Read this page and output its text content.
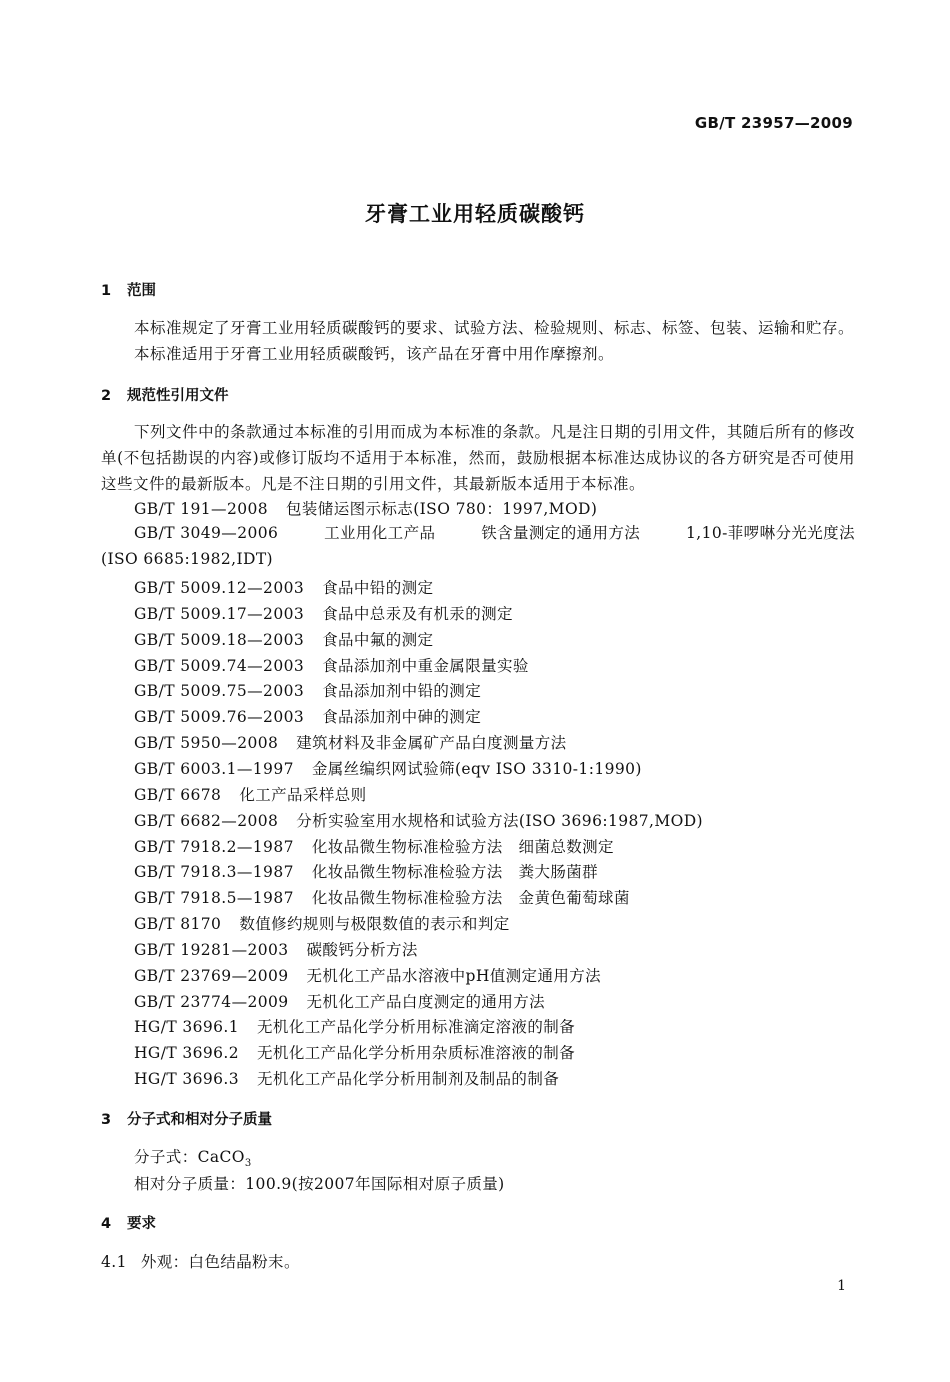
GB/T 23957—2009
牙膏工业用轻质碳酸钙
1 范围
本标准规定了牙膏工业用轻质碳酸钙的要求、试验方法、检验规则、标志、标签、包装、运输和贮存。
本标准适用于牙膏工业用轻质碳酸钙，该产品在牙膏中用作摩擦剂。
2 规范性引用文件
下列文件中的条款通过本标准的引用而成为本标准的条款。凡是注日期的引用文件，其随后所有的修改单(不包括勘误的内容)或修订版均不适用于本标准，然而，鼓励根据本标准达成协议的各方研究是否可使用这些文件的最新版本。凡是不注日期的引用文件，其最新版本适用于本标准。
GB/T 191—2008 包装储运图示标志(ISO 780：1997,MOD)
GB/T 3049—2006	工业用化工产品	铁含量测定的通用方法	1,10-菲啰啉分光光度法
(ISO 6685:1982,IDT)
GB/T 5009.12—2003 食品中铅的测定
GB/T 5009.17—2003 食品中总汞及有机汞的测定
GB/T 5009.18—2003 食品中氟的测定
GB/T 5009.74—2003 食品添加剂中重金属限量实验
GB/T 5009.75—2003 食品添加剂中铅的测定
GB/T 5009.76—2003 食品添加剂中砷的测定
GB/T 5950—2008 建筑材料及非金属矿产品白度测量方法
GB/T 6003.1—1997 金属丝编织网试验筛(eqv ISO 3310-1:1990)
GB/T 6678 化工产品采样总则
GB/T 6682—2008 分析实验室用水规格和试验方法(ISO 3696:1987,MOD)
GB/T 7918.2—1987 化妆品微生物标准检验方法　细菌总数测定
GB/T 7918.3—1987 化妆品微生物标准检验方法　粪大肠菌群
GB/T 7918.5—1987 化妆品微生物标准检验方法　金黄色葡萄球菌
GB/T 8170 数值修约规则与极限数值的表示和判定
GB/T 19281—2003 碳酸钙分析方法
GB/T 23769—2009 无机化工产品水溶液中pH值测定通用方法
GB/T 23774—2009 无机化工产品白度测定的通用方法
HG/T 3696.1 无机化工产品化学分析用标准滴定溶液的制备
HG/T 3696.2 无机化工产品化学分析用杂质标准溶液的制备
HG/T 3696.3 无机化工产品化学分析用制剂及制品的制备
3 分子式和相对分子质量
分子式：CaCO$_3$
相对分子质量：100.9(按2007年国际相对原子质量)
4 要求
4.1 外观：白色结晶粉末。
1
